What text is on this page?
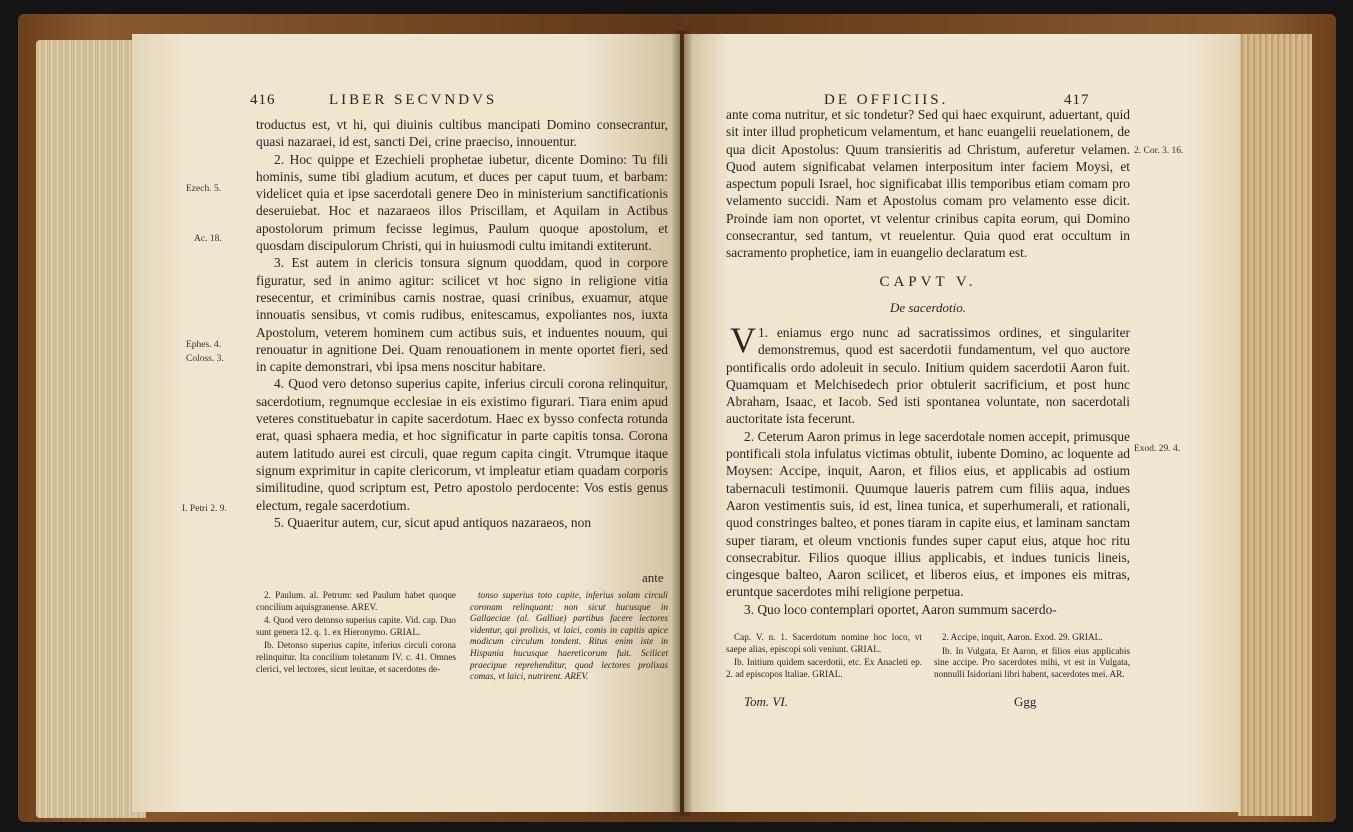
416	LIBER SECVNDVS

troductus est, vt hi, qui diuinis cultibus mancipati Domino consecrantur, quasi nazaraei, id est, sancti Dei, crine praeciso, innouentur.

2. Hoc quippe et Ezechieli prophetae iubetur, dicente Domino: Tu fili hominis, sume tibi gladium acutum, et duces per caput tuum, et barbam: videlicet quia et ipse sacerdotali genere Deo in ministerium sanctificationis deseruiebat. Hoc et nazaraeos illos Priscillam, et Aquilam in Actibus apostolorum primum fecisse legimus, Paulum quoque apostolum, et quosdam discipulorum Christi, qui in huiusmodi cultu imitandi extiterunt.

3. Est autem in clericis tonsura signum quoddam, quod in corpore figuratur, sed in animo agitur: scilicet vt hoc signo in religione vitia resecentur, et criminibus carnis nostrae, quasi crinibus, exuamur, atque innouatis sensibus, vt comis rudibus, enitescamus, expoliantes nos, iuxta Apostolum, veterem hominem cum actibus suis, et induentes nouum, qui renouatur in agnitione Dei. Quam renouationem in mente oportet fieri, sed in capite demonstrari, vbi ipsa mens noscitur habitare.

4. Quod vero detonso superius capite, inferius circuli corona relinquitur, sacerdotium, regnumque ecclesiae in eis existimo figurari. Tiara enim apud veteres constituebatur in capite sacerdotum. Haec ex bysso confecta rotunda erat, quasi sphaera media, et hoc significatur in parte capitis tonsa. Corona autem latitudo aurei est circuli, quae regum capita cingit. Vtrumque itaque signum exprimitur in capite clericorum, vt impleatur etiam quadam corporis similitudine, quod scriptum est, Petro apostolo perdocente: Vos estis genus electum, regale sacerdotium.

5. Quaeritur autem, cur, sicut apud antiquos nazaraeos, non

Ezech. 5.
Ac. 18.
Ephes. 4.
Coloss. 3.
I. Petri 2. 9.
ante

2. Paulum. al. Petrum: sed Paulum habet quoque concilium aquisgranense. AREV.

4. Quod vero detonso superius capite. Vid. cap. Duo sunt genera 12. q. 1. ex Hieronymo. GRIAL.

Ib. Detonso superius capite, inferius circuli corona relinquitur. Ita concilium toletanum IV. c. 41. Omnes clerici, vel lectores, sicut leuitae, et sacerdotes de-

tonso superius toto capite, inferius solam circuli coronam relinquant: non sicut hucusque in Gallaeciae (al. Galliae) partibus facere lectores videntur, qui prolixis, vt laici, comis in capitis apice modicum circulum tondent. Ritus enim iste in Hispania hucusque haereticorum fuit. Scilicet praecipue reprehenditur, quod lectores prolixas comas, vt laici, nutrirent. AREV.

DE OFFICIIS.	417

ante coma nutritur, et sic tondetur? Sed qui haec exquirunt, aduertant, quid sit inter illud propheticum velamentum, et hanc euangelii reuelationem, de qua dicit Apostolus: Quum transieritis ad Christum, auferetur velamen. Quod autem significabat velamen interpositum inter faciem Moysi, et aspectum populi Israel, hoc significabat illis temporibus etiam comam pro velamento succidi. Nam et Apostolus comam pro velamento esse dicit. Proinde iam non oportet, vt velentur crinibus capita eorum, qui Domino consecrantur, sed tantum, vt reuelentur. Quia quod erat occultum in sacramento prophetice, iam in euangelio declaratum est.

2. Cor. 3. 16.
CAPVT V.
De sacerdotio.

V 1. eniamus ergo nunc ad sacratissimos ordines, et singulariter demonstremus, quod est sacerdotii fundamentum, vel quo auctore pontificalis ordo adoleuit in seculo. Initium quidem sacerdotii Aaron fuit. Quamquam et Melchisedech prior obtulerit sacrificium, et post hunc Abraham, Isaac, et Iacob. Sed isti spontanea voluntate, non sacerdotali auctoritate ista fecerunt.

2. Ceterum Aaron primus in lege sacerdotale nomen accepit, primusque pontificali stola infulatus victimas obtulit, iubente Domino, ac loquente ad Moysen: Accipe, inquit, Aaron, et filios eius, et applicabis ad ostium tabernaculi testimonii. Quumque laueris patrem cum filiis aqua, indues Aaron vestimentis suis, id est, linea tunica, et superhumerali, et rationali, quod constringes balteo, et pones tiaram in capite eius, et laminam sanctam super tiaram, et oleum vnctionis fundes super caput eius, atque hoc ritu consecrabitur. Filios quoque illius applicabis, et indues tunicis lineis, cingesque balteo, Aaron scilicet, et liberos eius, et impones eis mitras, eruntque sacerdotes mihi religione perpetua.

3. Quo loco contemplari oportet, Aaron summum sacerdo-

Exod. 29. 4.

Cap. V. n. 1. Sacerdotum nomine hoc loco, vt saepe alias, episcopi soli veniunt. GRIAL.

Ib. Initium quidem sacerdotii, etc. Ex Anacleti ep. 2. ad episcopos Italiae. GRIAL.

2. Accipe, inquit, Aaron. Exod. 29. GRIAL.

Ib. In Vulgata, Et Aaron, et filios eius applicabis sine accipe. Pro sacerdotes mihi, vt est in Vulgata, nonnulli Isidoriani libri habent, sacerdotes mei. AR.

Tom. VI.	Ggg
